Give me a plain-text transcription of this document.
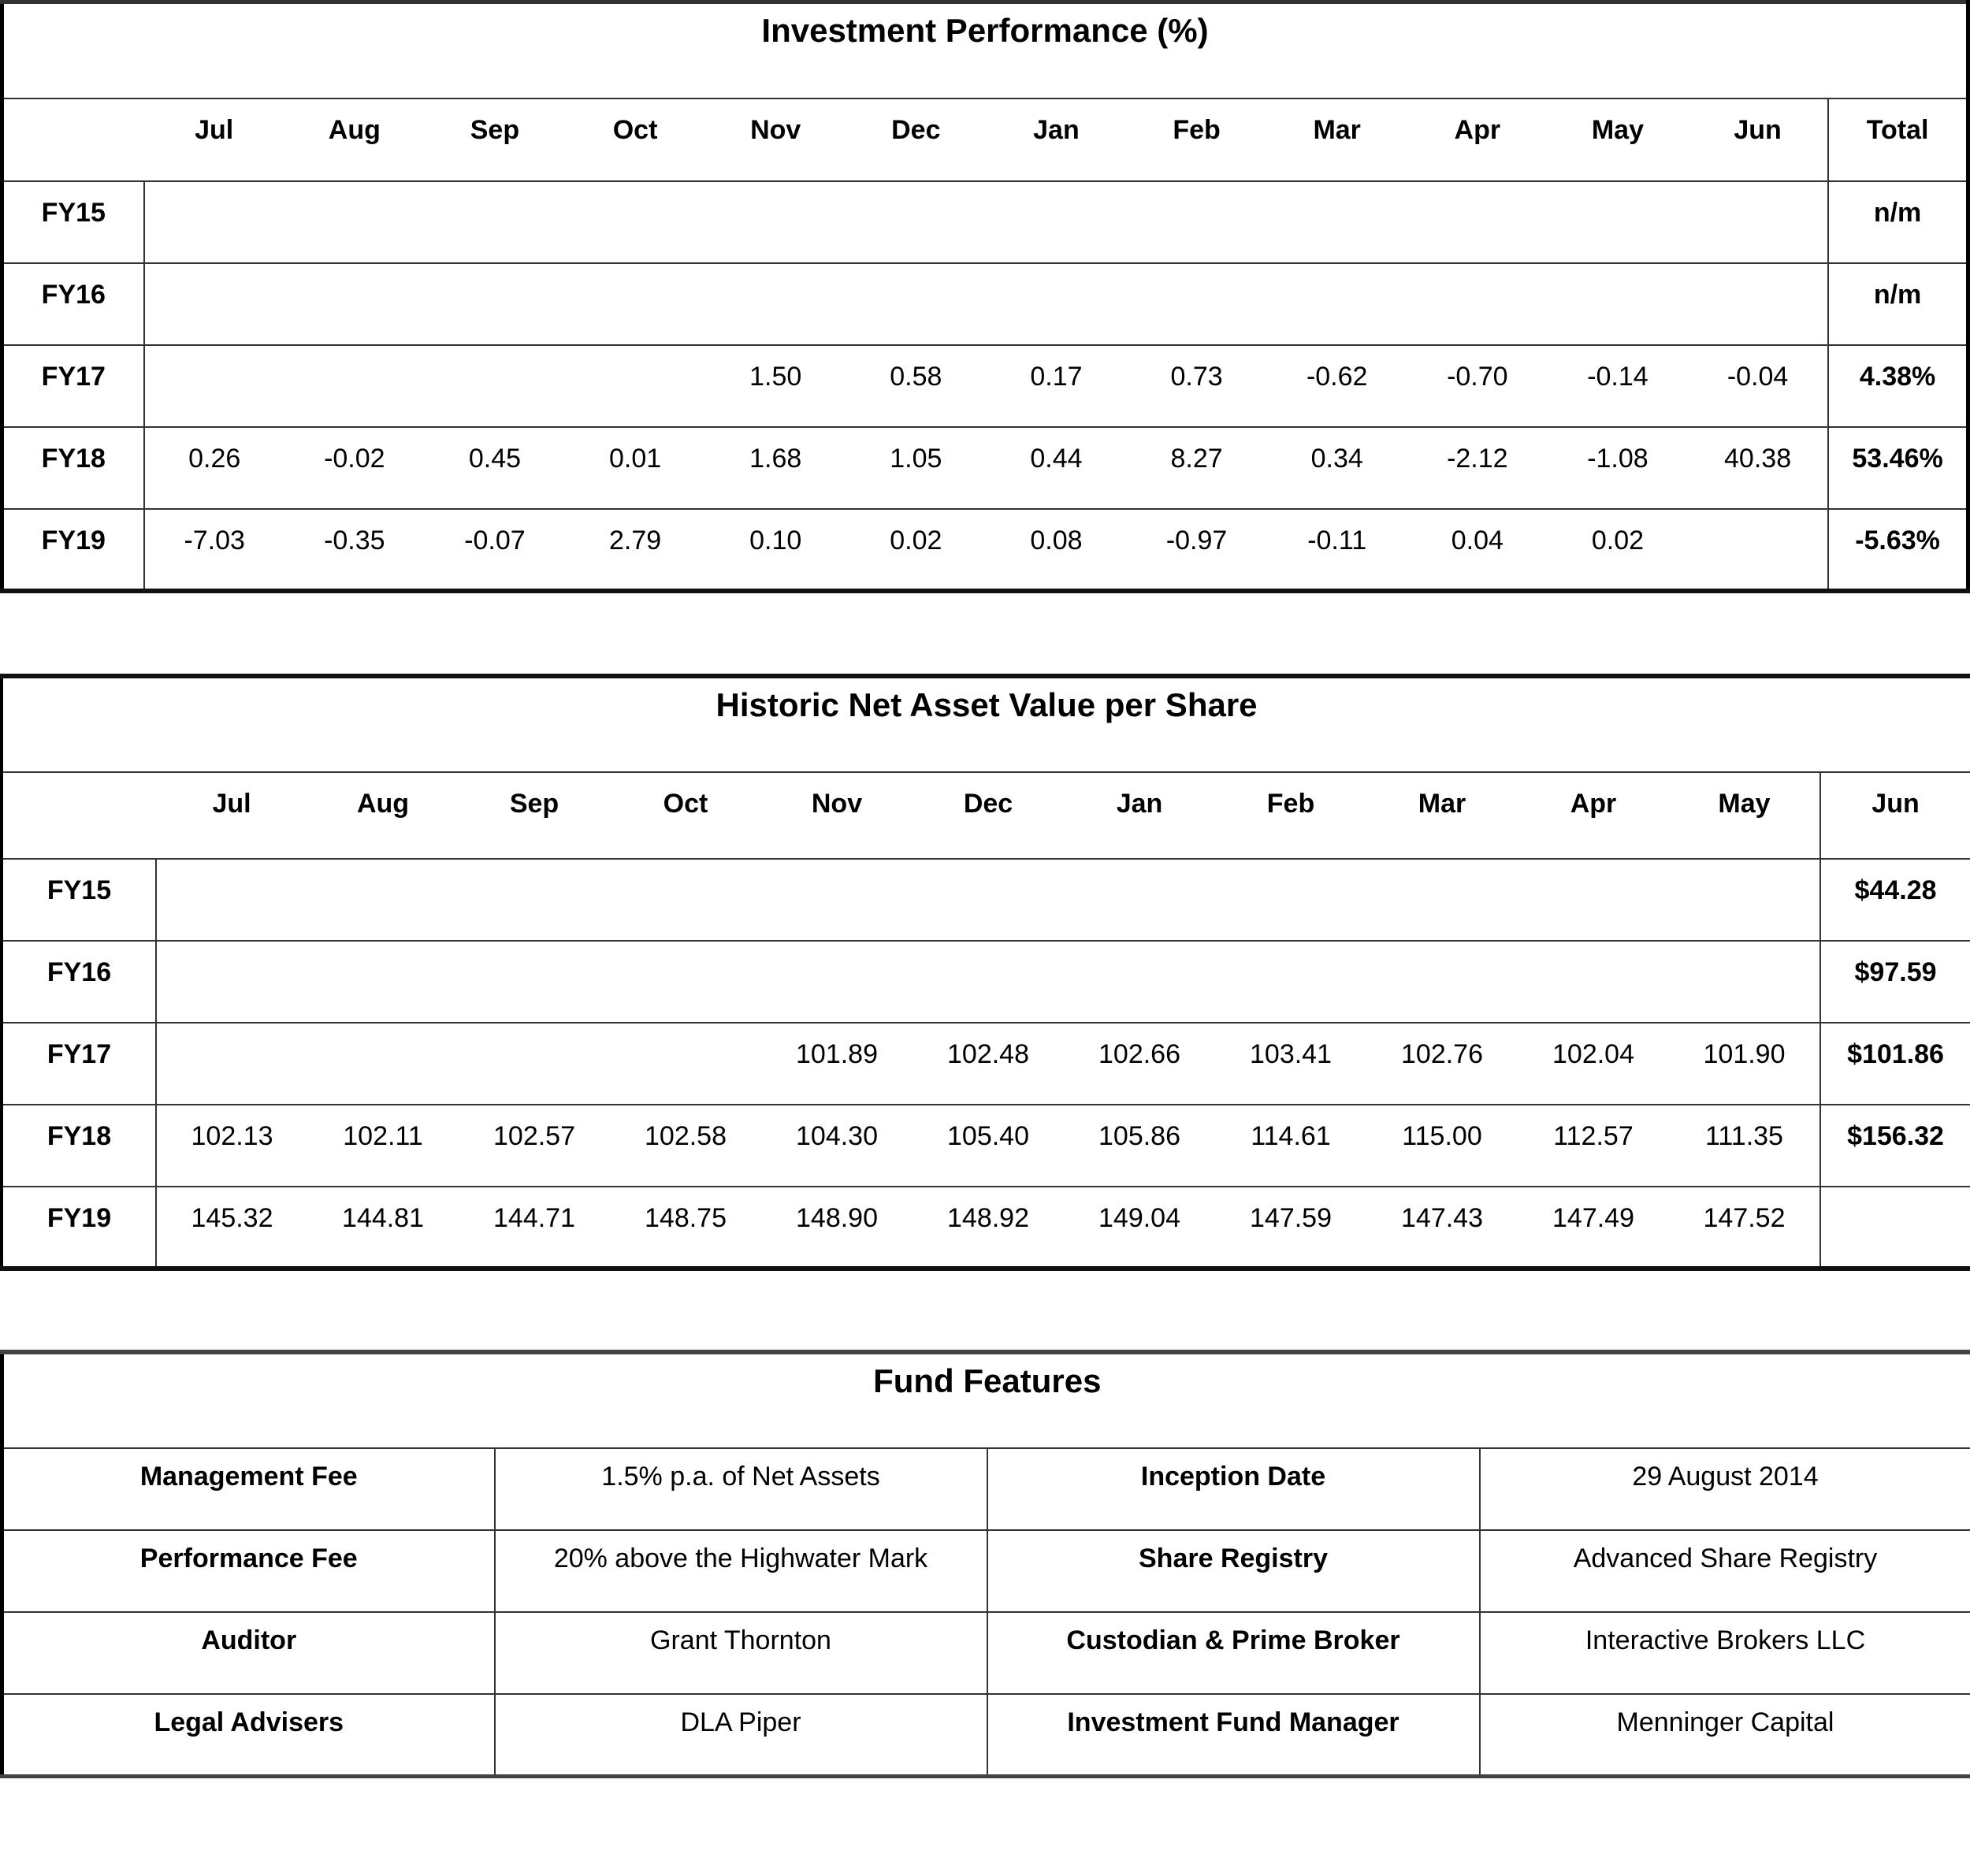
Investment Performance (%)													
	Jul	Aug	Sep	Oct	Nov	Dec	Jan	Feb	Mar	Apr	May	Jun	Total
FY15													n/m
FY16													n/m
FY17					1.50	0.58	0.17	0.73	-0.62	-0.70	-0.14	-0.04	4.38%
FY18	0.26	-0.02	0.45	0.01	1.68	1.05	0.44	8.27	0.34	-2.12	-1.08	40.38	53.46%
FY19	-7.03	-0.35	-0.07	2.79	0.10	0.02	0.08	-0.97	-0.11	0.04	0.02		-5.63%
Historic Net Asset Value per Share												
	Jul	Aug	Sep	Oct	Nov	Dec	Jan	Feb	Mar	Apr	May	Jun
FY15												$44.28
FY16												$97.59
FY17					101.89	102.48	102.66	103.41	102.76	102.04	101.90	$101.86
FY18	102.13	102.11	102.57	102.58	104.30	105.40	105.86	114.61	115.00	112.57	111.35	$156.32
FY19	145.32	144.81	144.71	148.75	148.90	148.92	149.04	147.59	147.43	147.49	147.52	
Fund Features			
Management Fee	1.5% p.a. of Net Assets	Inception Date	29 August 2014
Performance Fee	20% above the Highwater Mark	Share Registry	Advanced Share Registry
Auditor	Grant Thornton	Custodian & Prime Broker	Interactive Brokers LLC
Legal Advisers	DLA Piper	Investment Fund Manager	Menninger Capital
